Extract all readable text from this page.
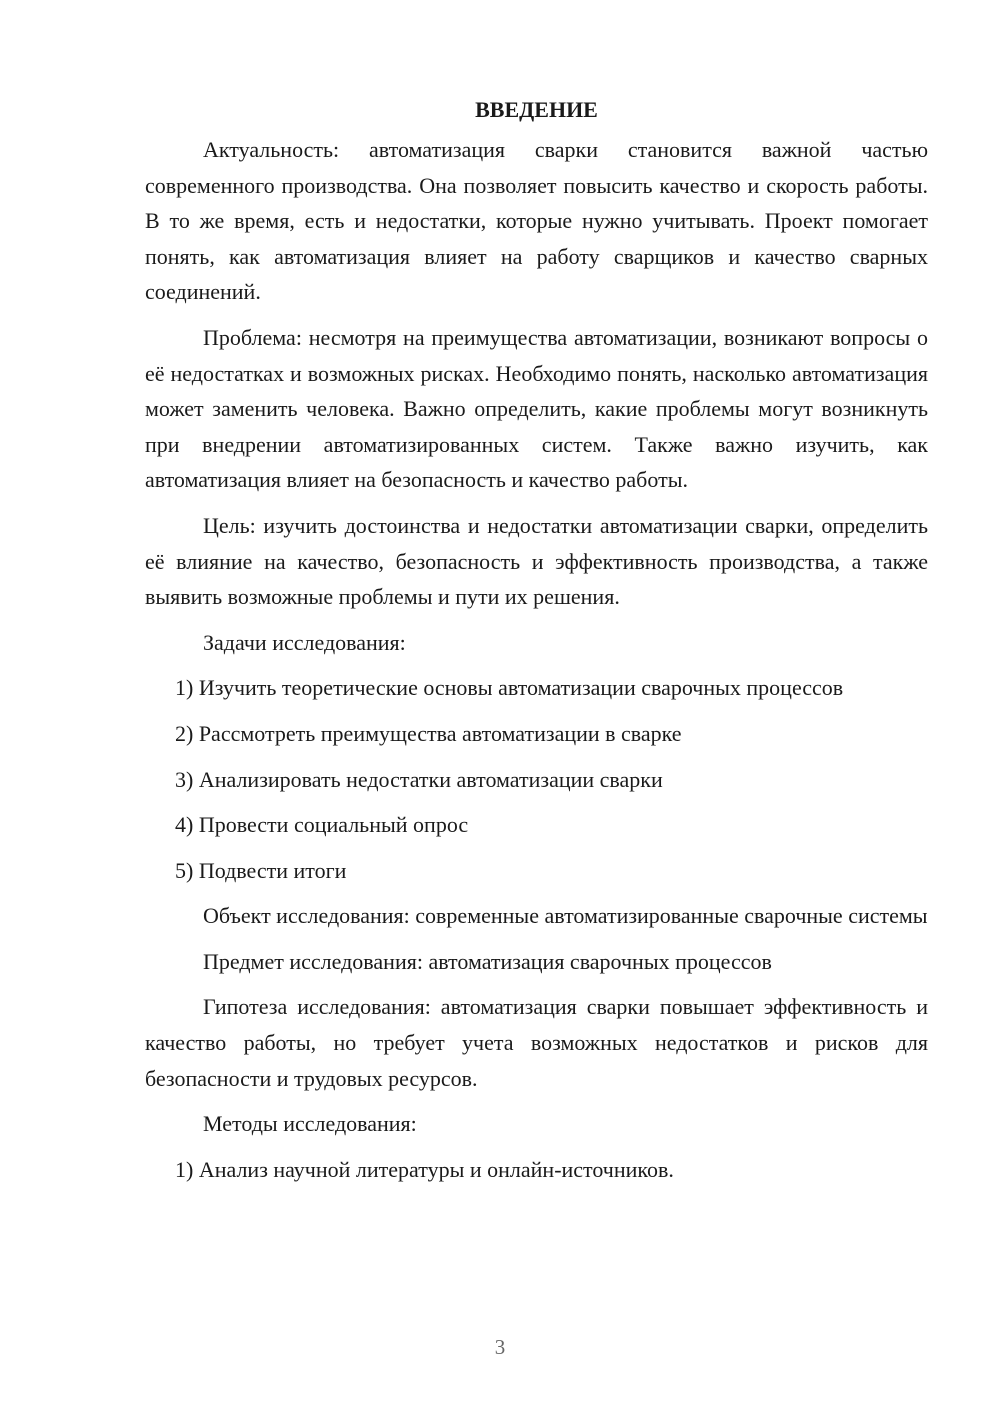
ВВЕДЕНИЕ
Актуальность: автоматизация сварки становится важной частью современного производства. Она позволяет повысить качество и скорость работы. В то же время, есть и недостатки, которые нужно учитывать. Проект помогает понять, как автоматизация влияет на работу сварщиков и качество сварных соединений.
Проблема: несмотря на преимущества автоматизации, возникают вопросы о её недостатках и возможных рисках. Необходимо понять, насколько автоматизация может заменить человека. Важно определить, какие проблемы могут возникнуть при внедрении автоматизированных систем. Также важно изучить, как автоматизация влияет на безопасность и качество работы.
Цель: изучить достоинства и недостатки автоматизации сварки, определить её влияние на качество, безопасность и эффективность производства, а также выявить возможные проблемы и пути их решения.
Задачи исследования:
1) Изучить теоретические основы автоматизации сварочных процессов
2) Рассмотреть преимущества автоматизации в сварке
3) Анализировать недостатки автоматизации сварки
4) Провести социальный опрос
5) Подвести итоги
Объект исследования: современные автоматизированные сварочные системы
Предмет исследования: автоматизация сварочных процессов
Гипотеза исследования: автоматизация сварки повышает эффективность и качество работы, но требует учета возможных недостатков и рисков для безопасности и трудовых ресурсов.
Методы исследования:
1) Анализ научной литературы и онлайн-источников.
3
